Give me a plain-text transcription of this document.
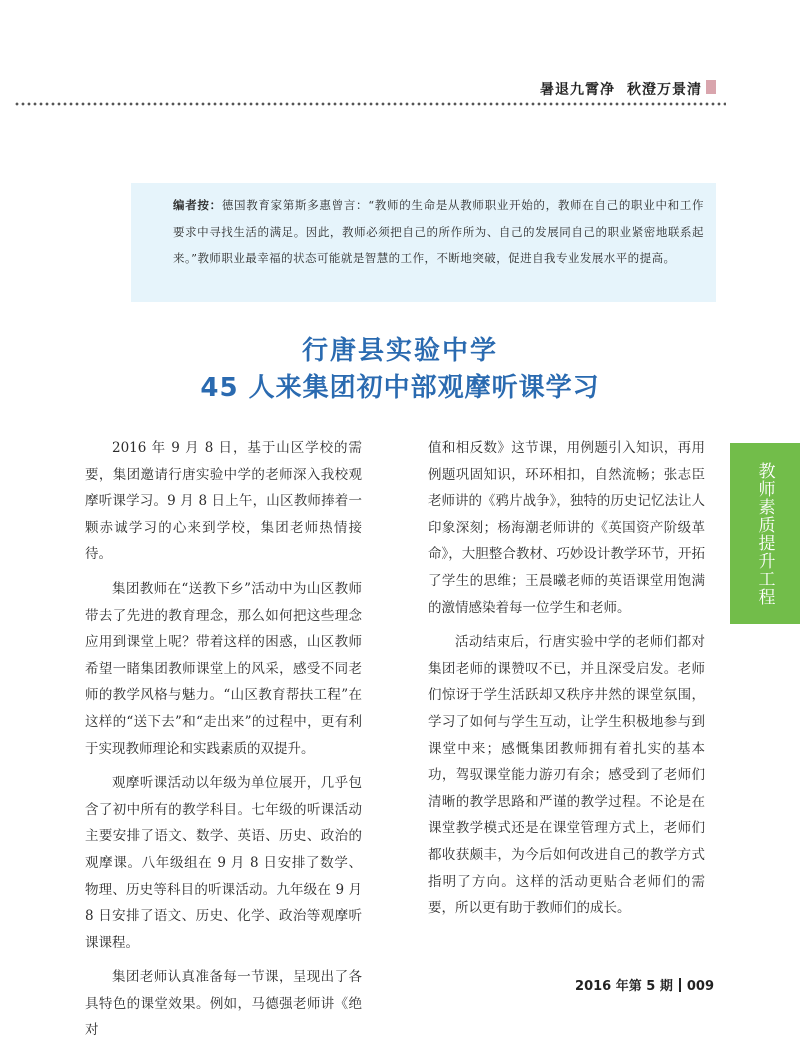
暑退九霄净 秋澄万景清
编者按：德国教育家第斯多惠曾言：“教师的生命是从教师职业开始的，教师在自己的职业中和工作要求中寻找生活的满足。因此，教师必须把自己的所作所为、自己的发展同自己的职业紧密地联系起来。”教师职业最幸福的状态可能就是智慧的工作，不断地突破，促进自我专业发展水平的提高。
行唐县实验中学
45 人来集团初中部观摩听课学习

2016 年 9 月 8 日，基于山区学校的需要，集团邀请行唐实验中学的老师深入我校观摩听课学习。9 月 8 日上午，山区教师捧着一颗赤诚学习的心来到学校，集团老师热情接待。

集团教师在“送教下乡”活动中为山区教师带去了先进的教育理念，那么如何把这些理念应用到课堂上呢？带着这样的困惑，山区教师希望一睹集团教师课堂上的风采，感受不同老师的教学风格与魅力。“山区教育帮扶工程”在这样的“送下去”和“走出来”的过程中，更有利于实现教师理论和实践素质的双提升。

观摩听课活动以年级为单位展开，几乎包含了初中所有的教学科目。七年级的听课活动主要安排了语文、数学、英语、历史、政治的观摩课。八年级组在 9 月 8 日安排了数学、物理、历史等科目的听课活动。九年级在 9 月 8 日安排了语文、历史、化学、政治等观摩听课课程。

集团老师认真准备每一节课，呈现出了各具特色的课堂效果。例如，马德强老师讲《绝对

值和相反数》这节课，用例题引入知识，再用例题巩固知识，环环相扣，自然流畅；张志臣老师讲的《鸦片战争》，独特的历史记忆法让人印象深刻；杨海潮老师讲的《英国资产阶级革命》，大胆整合教材、巧妙设计教学环节，开拓了学生的思维；王晨曦老师的英语课堂用饱满的激情感染着每一位学生和老师。

活动结束后，行唐实验中学的老师们都对集团老师的课赞叹不已，并且深受启发。老师们惊讶于学生活跃却又秩序井然的课堂氛围，学习了如何与学生互动，让学生积极地参与到课堂中来；感慨集团教师拥有着扎实的基本功，驾驭课堂能力游刃有余；感受到了老师们清晰的教学思路和严谨的教学过程。不论是在课堂教学模式还是在课堂管理方式上，老师们都收获颇丰，为今后如何改进自己的教学方式指明了方向。这样的活动更贴合老师们的需要，所以更有助于教师们的成长。

教师素质提升工程
2016 年第 5 期 009
